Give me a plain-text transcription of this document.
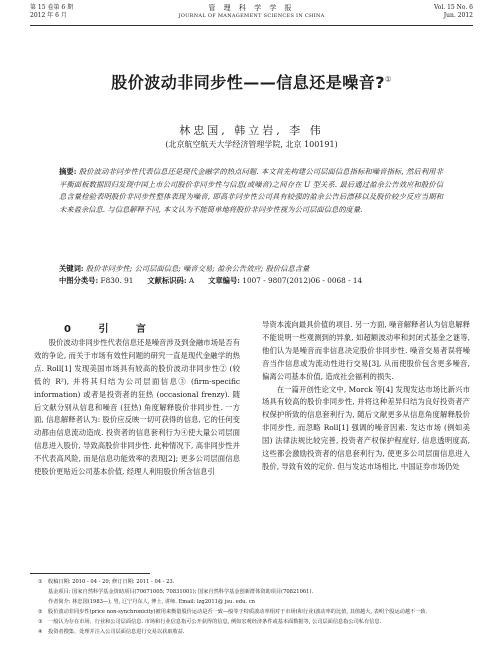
第 15 卷第 6 期
2012 年 6 月
管 理 科 学 学 报
JOURNAL OF MANAGEMENT SCIENCES IN CHINA
Vol. 15 No. 6
Jun. 2012
股价波动非同步性——信息还是噪音?①
林忠国, 韩立岩, 李 伟
(北京航空航天大学经济管理学院, 北京 100191)
摘要: 股价波动非同步性代表信息还是现代金融学的热点问题. 本文首先构建公司层面信息指标和噪音指标, 然后利用非平衡面板数据回归发现中国上市公司股价非同步性与信息(或噪音)之间存在 U 型关系. 最后通过盈余公告效应和股价信息含量检验表明股价非同步性整体表现为噪音, 即高非同步性公司具有较强的盈余公告后漂移以及股价较少反应当期和未来盈余信息. 与信息解释不同, 本文认为不能简单地将股价非同步性视为公司层面信息的度量.
关键词: 股价非同步性; 公司层面信息; 噪音交易; 盈余公告效应; 股价信息含量
中图分类号: F830. 91 文献标识码: A 文章编号: 1007 - 9807(2012)06 - 0068 - 14
0 引 言

股价波动非同步性代表信息还是噪音涉及到金融市场是否有效的争论, 而关于市场有效性问题的研究一直是现代金融学的热点. Roll[1] 发现美国市场具有较高的股价波动非同步性② (较低的 R²), 并将其归结为公司层面信息③ (firm-specific information) 或者是投资者的狂热 (occasional frenzy). 随后文献分别从信息和噪音 (狂热) 角度解释股价非同步性. 一方面, 信息解释者认为: 股价应反映一切可获得的信息, 它的任何变动都由信息流动造成. 投资者的信息套利行为④使大量公司层面信息进入股价, 导致高股价非同步性. 此种情况下, 高非同步性并不代表高风险, 而是信息功能效率的表现[2]; 更多公司层面信息使股价更贴近公司基本价值, 经理人利用股价所含信息引

导资本流向最具价值的项目. 另一方面, 噪音解释者认为信息解释不能说明一些观测到的异象, 如超额波动率和封闭式基金之谜等, 他们认为是噪音而非信息决定股价非同步性. 噪音交易者误将噪音当作信息或为流动性进行交易[3], 从而使股价包含更多噪音, 偏离公司基本价值, 造成社会福利的损失.

在一篇开创性论文中, Morck 等[4] 发现发达市场比新兴市场具有较高的股价非同步性, 并将这种差异归结为良好投资者产权保护所致的信息套利行为, 随后文献更多从信息角度解释股价非同步性, 而忽略 Roll[1] 强调的噪音因素. 发达市场 (例如美国) 法律法规比较完善, 投资者产权保护程度好, 信息透明度高, 这些都会激励投资者的信息套利行为, 使更多公司层面信息进入股价, 导致有效的定价. 但与发达市场相比, 中国证券市场仍处

① 收稿日期: 2010 - 04 - 20; 修订日期: 2011 - 04 - 23.
基金项目: 国家自然科学基金资助项目(70671005; 70831001); 国家自然科学基金创新群体资助项目(70821061).
作者简介: 林忠国(1983—), 男, 辽宁丹东人, 博士, 讲师. Email: lzg2011@ jsu. edu. cn
② 股价波动非同步性(price non-synchronicity)被用来衡量股价运动是否一致—般等于特质波动率相对于市场(和行业)波动率的比值, 其值越大, 表明个股运动越不一致.
③ 一般认为存在市场、行业和公司层面信息. 市场和行业信息指可公开获得的信息, 例如宏观经济条件或基本面数据等, 公司层面信息指公司私有信息.
④ 投资者搜集、处理并注入公司层面信息进行交易以获取收益.
